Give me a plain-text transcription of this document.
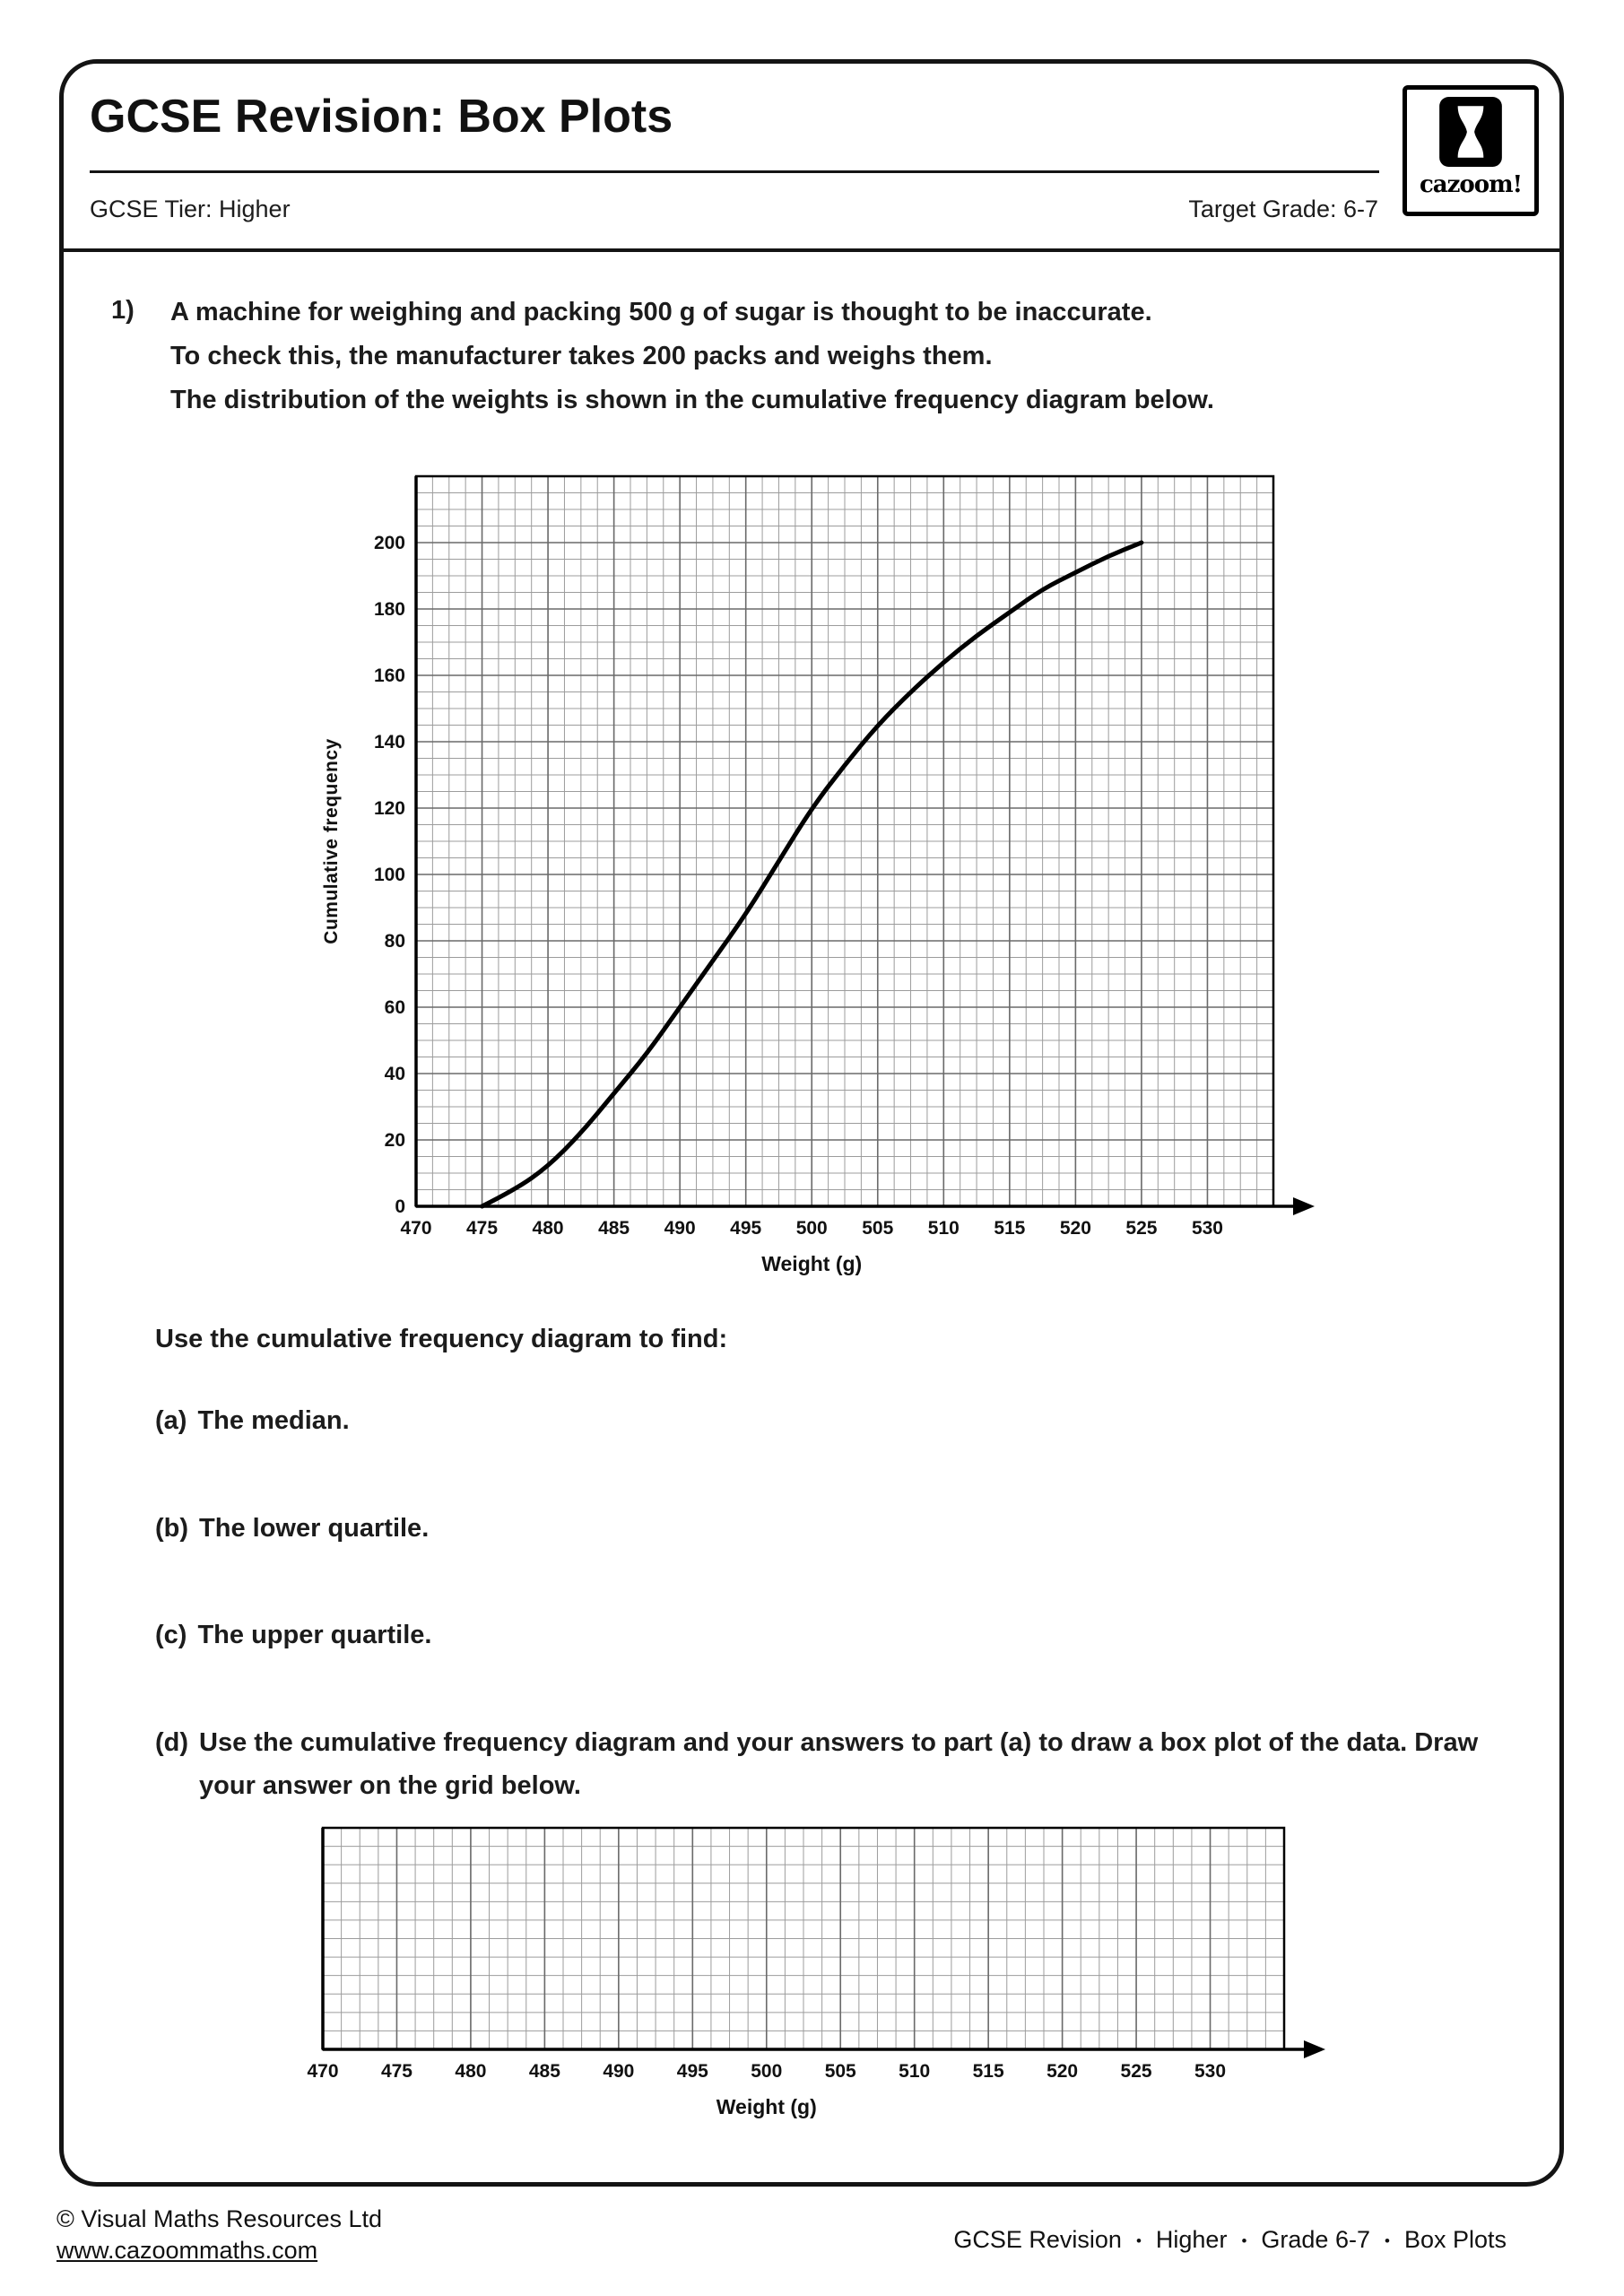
GCSE Revision: Box Plots
GCSE Tier: Higher	Target Grade: 6-7
cazoom!
1) A machine for weighing and packing 500 g of sugar is thought to be inaccurate.
To check this, the manufacturer takes 200 packs and weighs them.
The distribution of the weights is shown in the cumulative frequency diagram below.
470 475 480 485 490 495 500 505 510 515 520 525 530
0
20
40
60
80
100
120
140
160
180
200
Weight (g)
Cumulative frequency
Use the cumulative frequency diagram to find:
(a) The median.
(b) The lower quartile.
(c) The upper quartile.
(d) Use the cumulative frequency diagram and your answers to part (a) to draw a box plot of the data. Draw your answer on the grid below.
470 475 480 485 490 495 500 505 510 515 520 525 530
Weight (g)
© Visual Maths Resources Ltd
www.cazoommaths.com	GCSE Revision • Higher • Grade 6-7 • Box Plots
